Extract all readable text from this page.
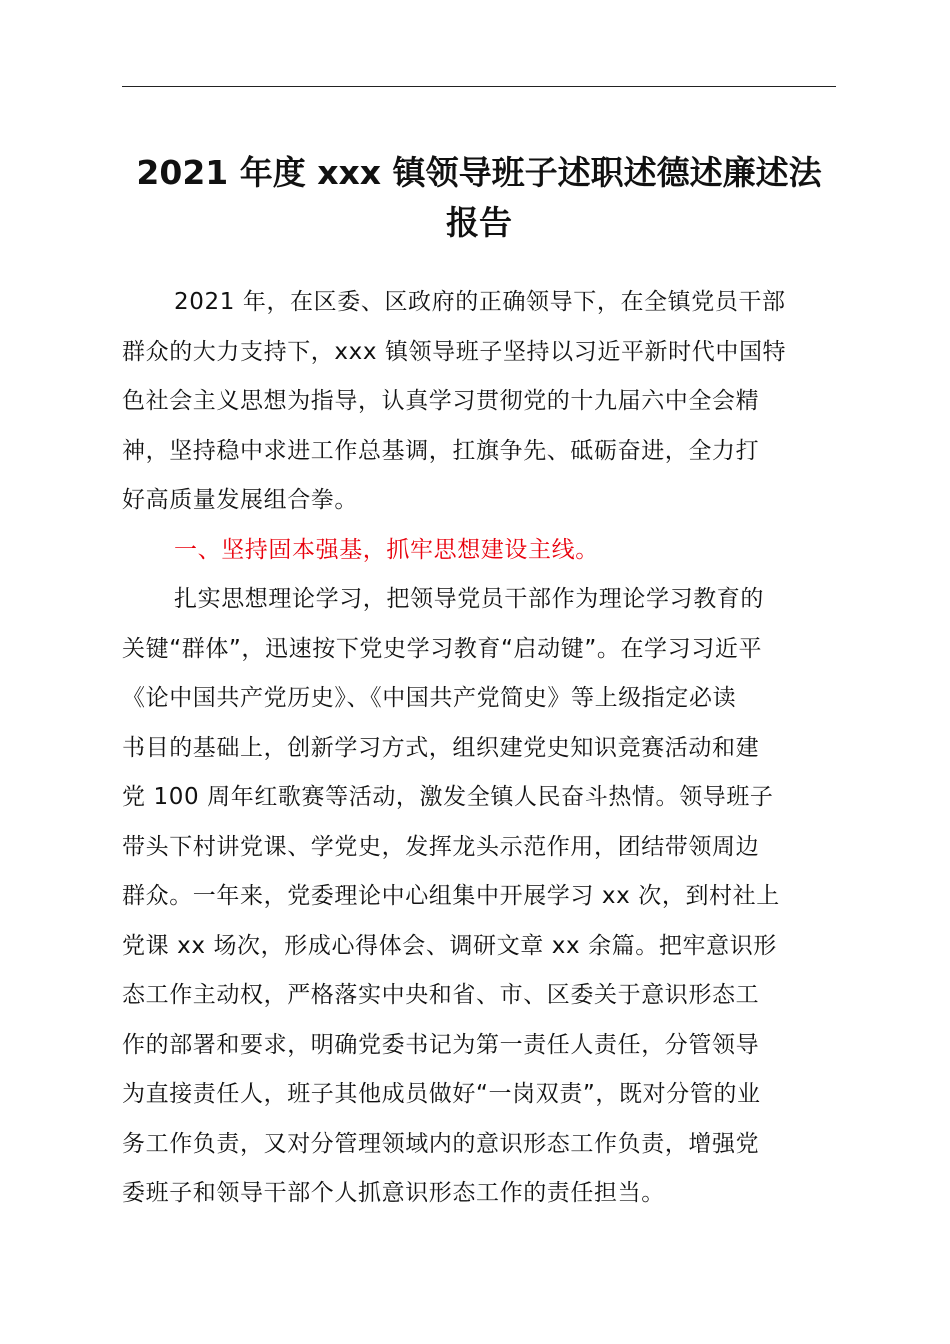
2021 年度 xxx 镇领导班子述职述德述廉述法
报告

2021 年，在区委、区政府的正确领导下，在全镇党员干部
群众的大力支持下，xxx 镇领导班子坚持以习近平新时代中国特
色社会主义思想为指导，认真学习贯彻党的十九届六中全会精
神，坚持稳中求进工作总基调，扛旗争先、砥砺奋进，全力打
好高质量发展组合拳。

一、坚持固本强基，抓牢思想建设主线。

扎实思想理论学习，把领导党员干部作为理论学习教育的
关键“群体”，迅速按下党史学习教育“启动键”。在学习习近平
《论中国共产党历史》、《中国共产党简史》等上级指定必读
书目的基础上，创新学习方式，组织建党史知识竞赛活动和建
党 100 周年红歌赛等活动，激发全镇人民奋斗热情。领导班子
带头下村讲党课、学党史，发挥龙头示范作用，团结带领周边
群众。一年来，党委理论中心组集中开展学习 xx 次，到村社上
党课 xx 场次，形成心得体会、调研文章 xx 余篇。把牢意识形
态工作主动权，严格落实中央和省、市、区委关于意识形态工
作的部署和要求，明确党委书记为第一责任人责任，分管领导
为直接责任人，班子其他成员做好“一岗双责”，既对分管的业
务工作负责，又对分管理领域内的意识形态工作负责，增强党
委班子和领导干部个人抓意识形态工作的责任担当。
